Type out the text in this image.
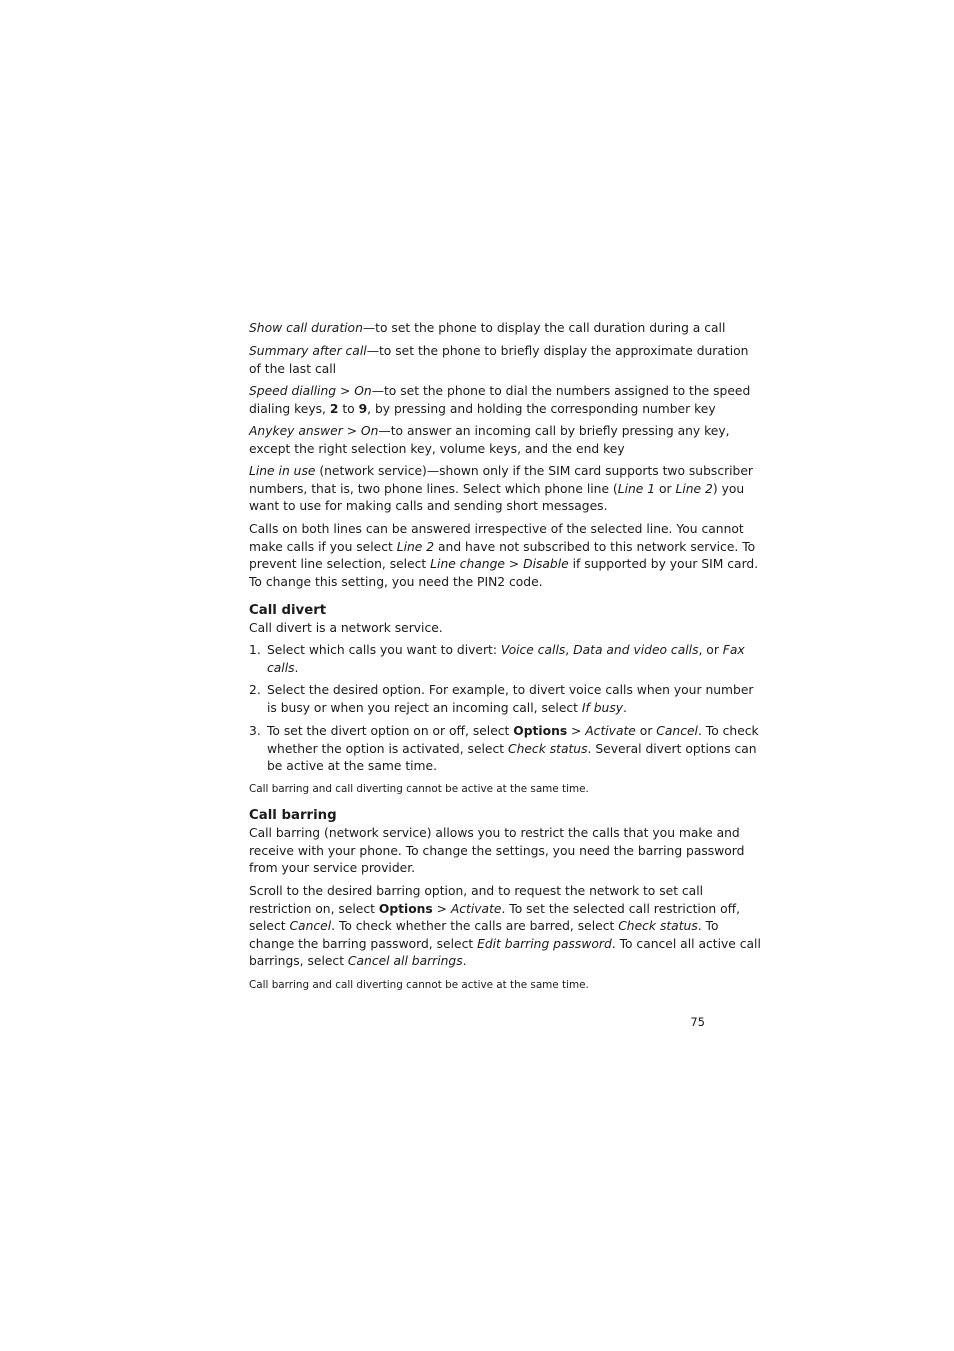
Show call duration—to set the phone to display the call duration during a call

Summary after call—to set the phone to briefly display the approximate duration
of the last call

Speed dialling > On—to set the phone to dial the numbers assigned to the speed
dialing keys, 2 to 9, by pressing and holding the corresponding number key

Anykey answer > On—to answer an incoming call by briefly pressing any key,
except the right selection key, volume keys, and the end key

Line in use (network service)—shown only if the SIM card supports two subscriber
numbers, that is, two phone lines. Select which phone line (Line 1 or Line 2) you
want to use for making calls and sending short messages.

Calls on both lines can be answered irrespective of the selected line. You cannot
make calls if you select Line 2 and have not subscribed to this network service. To
prevent line selection, select Line change > Disable if supported by your SIM card.
To change this setting, you need the PIN2 code.

Call divert

Call divert is a network service.

1. Select which calls you want to divert: Voice calls, Data and video calls, or Fax
calls.
2. Select the desired option. For example, to divert voice calls when your number
is busy or when you reject an incoming call, select If busy.
3. To set the divert option on or off, select Options > Activate or Cancel. To check
whether the option is activated, select Check status. Several divert options can
be active at the same time.

Call barring and call diverting cannot be active at the same time.

Call barring

Call barring (network service) allows you to restrict the calls that you make and
receive with your phone. To change the settings, you need the barring password
from your service provider.

Scroll to the desired barring option, and to request the network to set call
restriction on, select Options > Activate. To set the selected call restriction off,
select Cancel. To check whether the calls are barred, select Check status. To
change the barring password, select Edit barring password. To cancel all active call
barrings, select Cancel all barrings.

Call barring and call diverting cannot be active at the same time.

75
